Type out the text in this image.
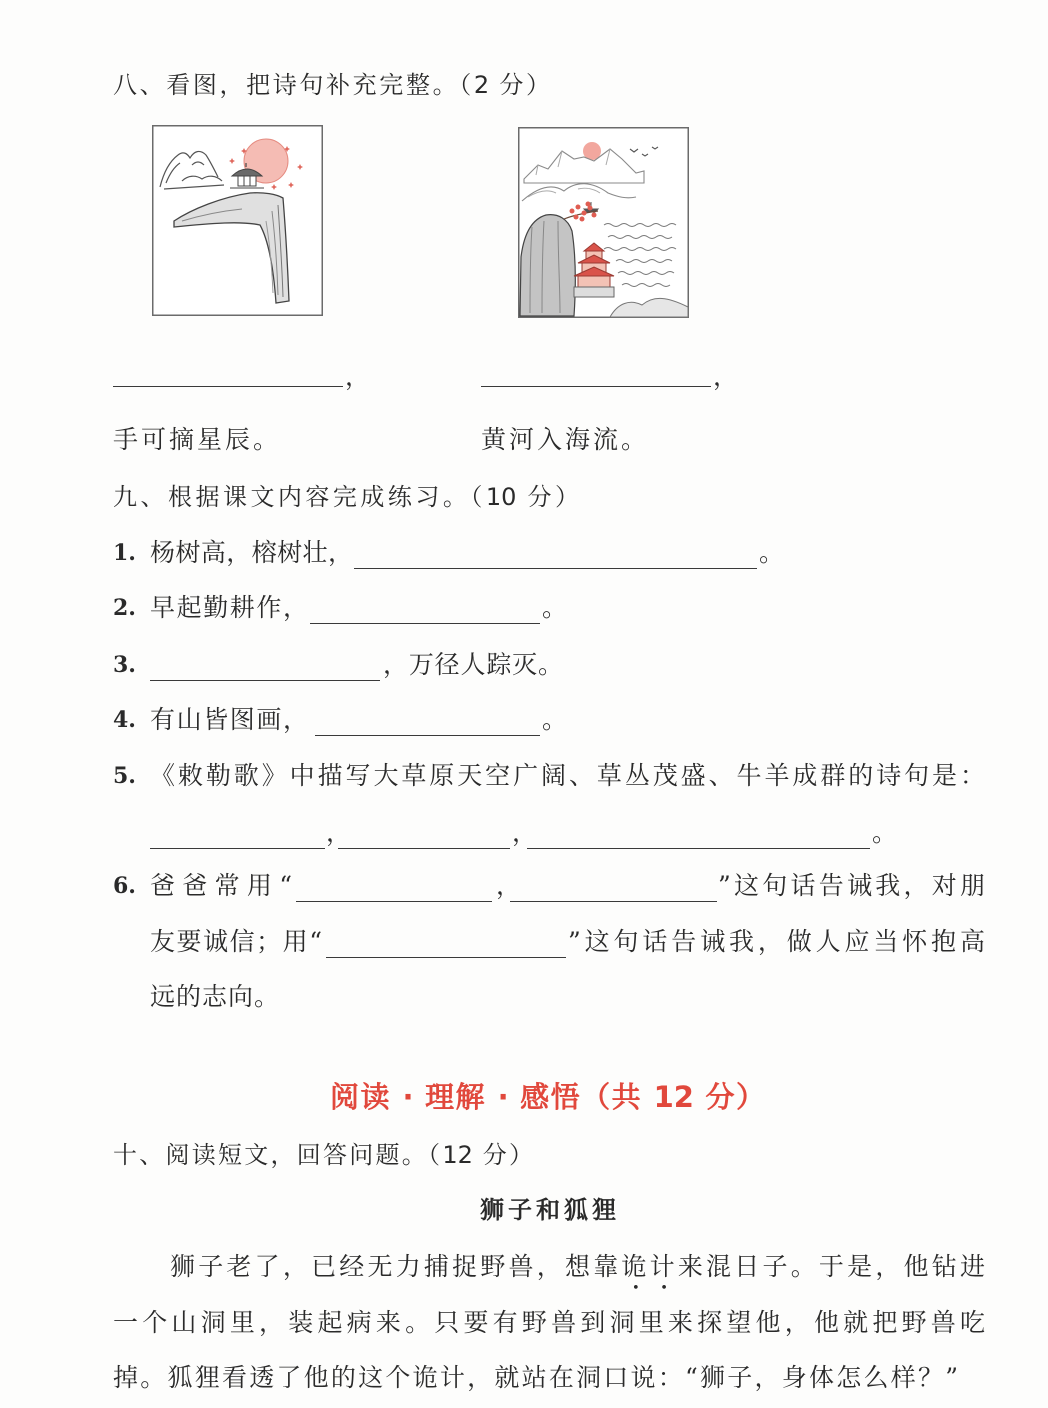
八、看图，把诗句补充完整。（2 分）
，	，
手可摘星辰。	黄河入海流。
九、根据课文内容完成练习。（10 分）
1. 杨树高，榕树壮，	。
2. 早起勤耕作，	。
3.	，万径人踪灭。
4. 有山皆图画，	。
5. 《敕勒歌》中描写大草原天空广阔、草丛茂盛、牛羊成群的诗句是：
，	，	。
6. 爸爸常用“	，	”这句话告诫我，对朋
友要诚信；用“	”这句话告诫我，做人应当怀抱高
远的志向。
阅读 · 理解 · 感悟（共 12 分）
十、阅读短文，回答问题。（12 分）
狮子和狐狸
狮子老了，已经无力捕捉野兽，想靠诡计来混日子。于是，他钻进
一个山洞里，装起病来。只要有野兽到洞里来探望他，他就把野兽吃
掉。狐狸看透了他的这个诡计，就站在洞口说：“狮子，身体怎么样？”
